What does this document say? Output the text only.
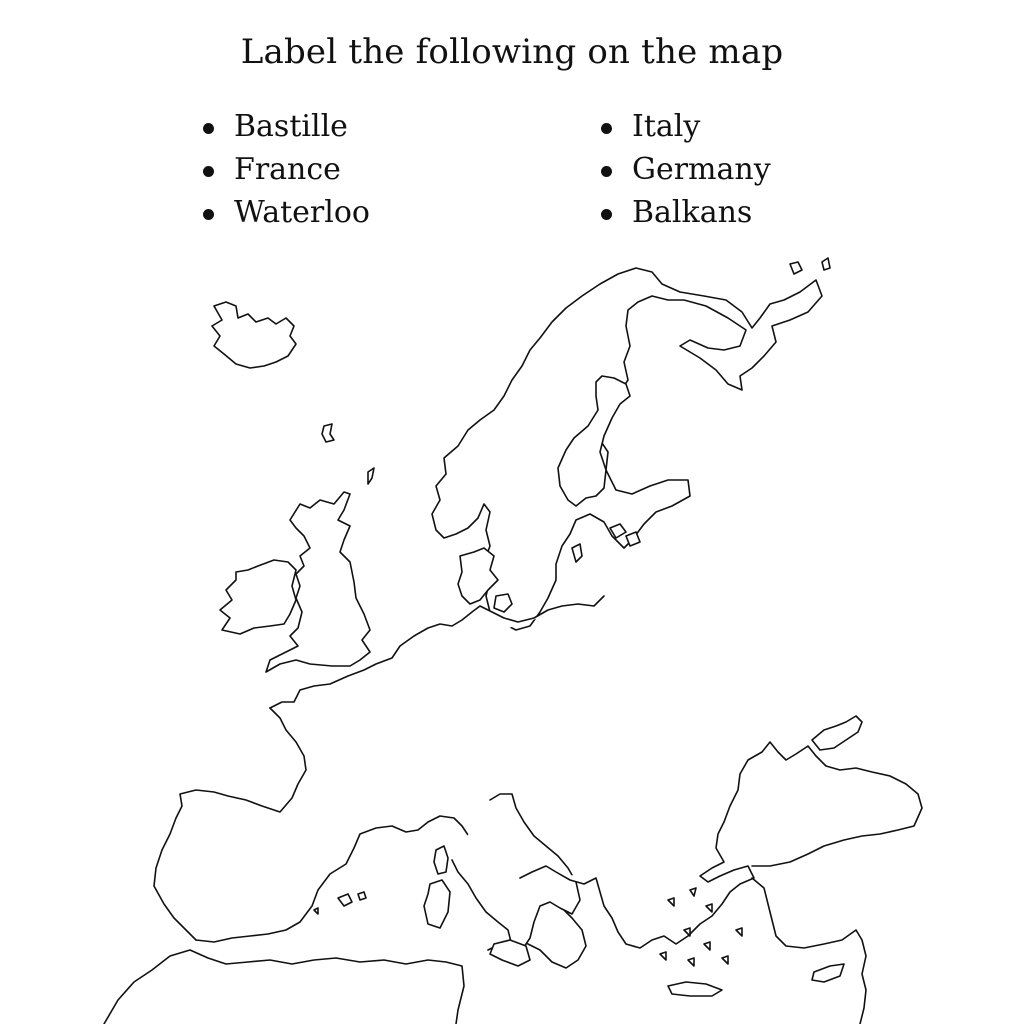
Label the following on the map
Bastille
France
Waterloo
Italy
Germany
Balkans
